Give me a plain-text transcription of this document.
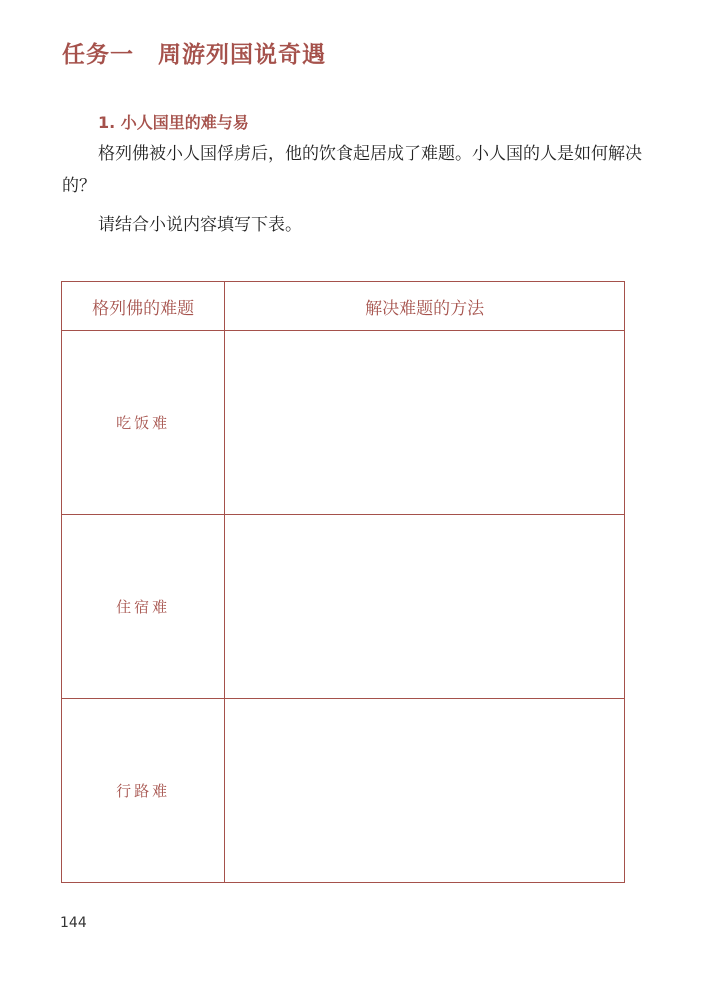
任务一 周游列国说奇遇
1. 小人国里的难与易

格列佛被小人国俘虏后，他的饮食起居成了难题。小人国的人是如何解决的？

请结合小说内容填写下表。

格列佛的难题	解决难题的方法
吃饭难	
住宿难	
行路难	
144
